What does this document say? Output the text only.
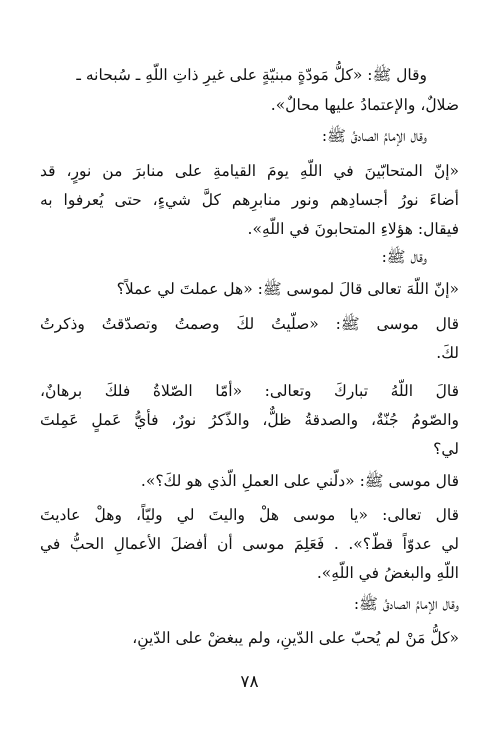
وقال ﷺ: «كلُّ مَودّةٍ مبنيّةٍ على غيرِ ذاتِ اللّهِ ـ سُبحانه ـ
ضلالٌ، والإعتمادُ عليها محالٌ».
وقال الإمامُ الصادقُ ﷺ:
«إنّ المتحابّينَ في اللّهِ يومَ القيامةِ على منابرَ من نورٍ، قد
أضاءَ نورُ أجسادِهم ونور منابرِهم كلَّ شيءٍ، حتى يُعرفوا به
فيقال: هؤلاءِ المتحابونَ في اللّهِ».
وقال ﷺ:
«إنّ اللّهَ تعالى قالَ لموسى ﷺ: «هل عملتَ لي عملاً؟
قال موسى ﷺ: «صلّيتُ لكَ وصمتُ وتصدّقتُ وذكرتُ
لكَ.
قالَ اللّهُ تباركَ وتعالى: «أمّا الصّلاةُ فلكَ برهانٌ،
والصّومُ جُنّةٌ، والصدقةُ ظلٌّ، والذّكرُ نورٌ، فأيُّ عَملٍ عَمِلتَ
لي؟
قال موسى ﷺ: «دلّني على العملِ الّذي هو لكَ؟».
قال تعالى: «يا موسى هلْ واليتَ لي وليّاً، وهلْ عاديتَ
لي عدوّاً قطّ؟». . فَعَلِمَ موسى أن أفضلَ الأعمالِ الحبُّ في
اللّهِ والبغضُ في اللّهِ».
وقال الإمامُ الصادقُ ﷺ:
«كلُّ مَنْ لم يُحبّ على الدّينِ، ولم يبغضْ على الدّينِ،
٧٨
